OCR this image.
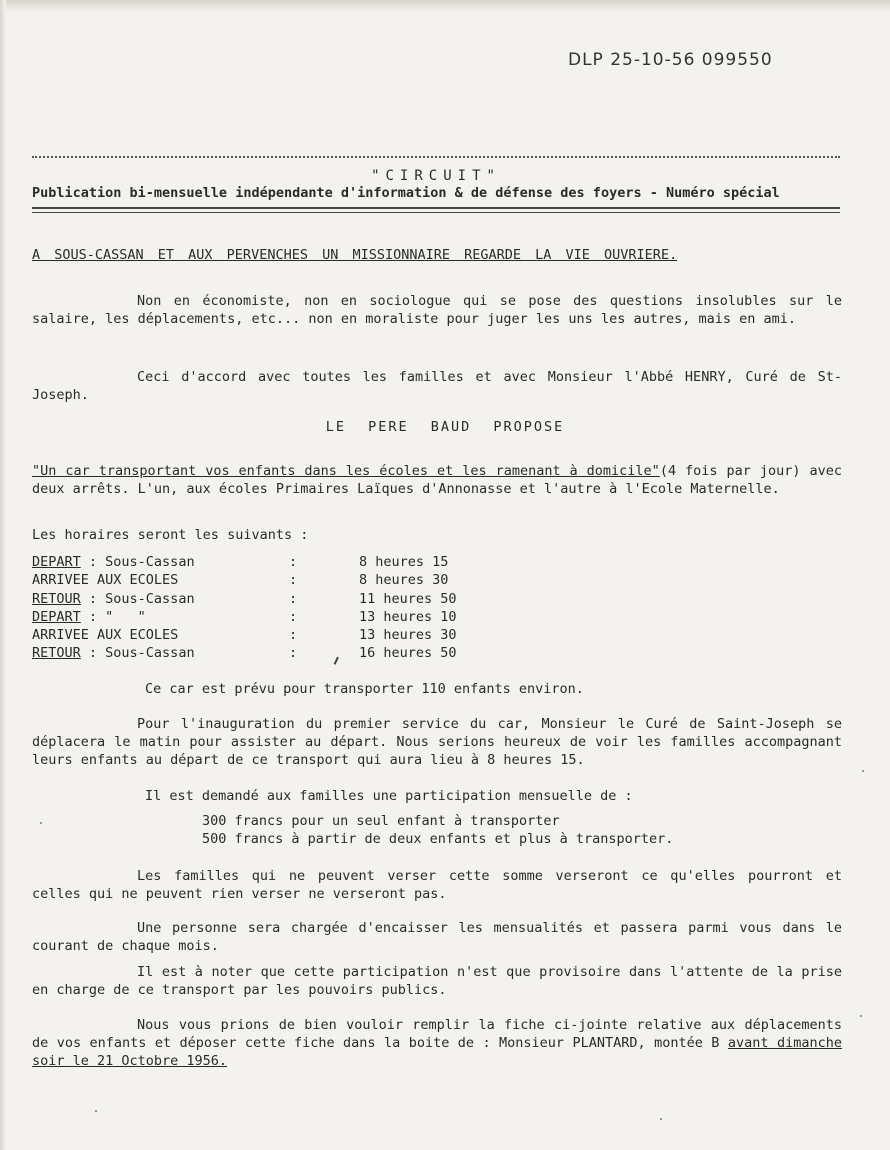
DLP 25-10-56 099550
"CIRCUIT"
Publication bi-mensuelle indépendante d'information & de défense des foyers - Numéro spécial
A SOUS-CASSAN ET AUX PERVENCHES UN MISSIONNAIRE REGARDE LA VIE OUVRIERE.

Non en économiste, non en sociologue qui se pose des questions insolubles sur le salaire, les déplacements, etc... non en moraliste pour juger les uns les autres, mais en ami.

Ceci d'accord avec toutes les familles et avec Monsieur l'Abbé HENRY, Curé de St-Joseph.

LE PERE BAUD PROPOSE

"Un car transportant vos enfants dans les écoles et les ramenant à domicile"(4 fois par jour) avec deux arrêts. L'un, aux écoles Primaires Laïques d'Annonasse et l'autre à l'Ecole Maternelle.

Les horaires seront les suivants :
DEPART : Sous-Cassan	:	8 heures 15
ARRIVEE AUX ECOLES	:	8 heures 30
RETOUR : Sous-Cassan	:	11 heures 50
DEPART : "   "	:	13 heures 10
ARRIVEE AUX ECOLES	:	13 heures 30
RETOUR : Sous-Cassan	:	16 heures 50
Ce car est prévu pour transporter 110 enfants environ.

Pour l'inauguration du premier service du car, Monsieur le Curé de Saint-Joseph se déplacera le matin pour assister au départ. Nous serions heureux de voir les familles accompagnant leurs enfants au départ de ce transport qui aura lieu à 8 heures 15.

Il est demandé aux familles une participation mensuelle de :
300 francs pour un seul enfant à transporter
500 francs à partir de deux enfants et plus à transporter.

Les familles qui ne peuvent verser cette somme verseront ce qu'elles pourront et celles qui ne peuvent rien verser ne verseront pas.

Une personne sera chargée d'encaisser les mensualités et passera parmi vous dans le courant de chaque mois.

Il est à noter que cette participation n'est que provisoire dans l'attente de la prise en charge de ce transport par les pouvoirs publics.

Nous vous prions de bien vouloir remplir la fiche ci-jointe relative aux déplacements de vos enfants et déposer cette fiche dans la boite de : Monsieur PLANTARD, montée B avant dimanche soir le 21 Octobre 1956.
